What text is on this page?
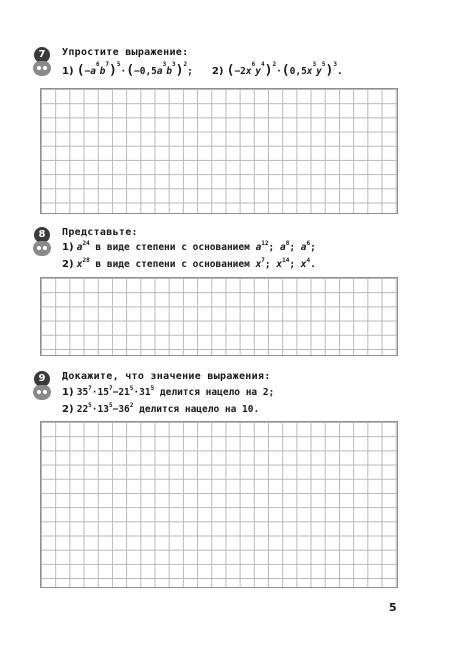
7	Упростите выражение:
1) $(-a^6b^7)^5\cdot(-0,5a^3b^3)^2$; 2) $(-2x^6y^4)^2\cdot(0,5x^3y^5)^3$.
8	Представьте:
1) $a^{24}$ в виде степени с основанием $a^{12}$; $a^8$; $a^6$;
2) $x^{28}$ в виде степени с основанием $x^7$; $x^{14}$; $x^4$.
9	Докажите, что значение выражения:
1) $35^7\cdot 15^7-21^5\cdot 31^5$ делится нацело на 2;
2) $22^5\cdot 13^5-36^2$ делится нацело на 10.
5
